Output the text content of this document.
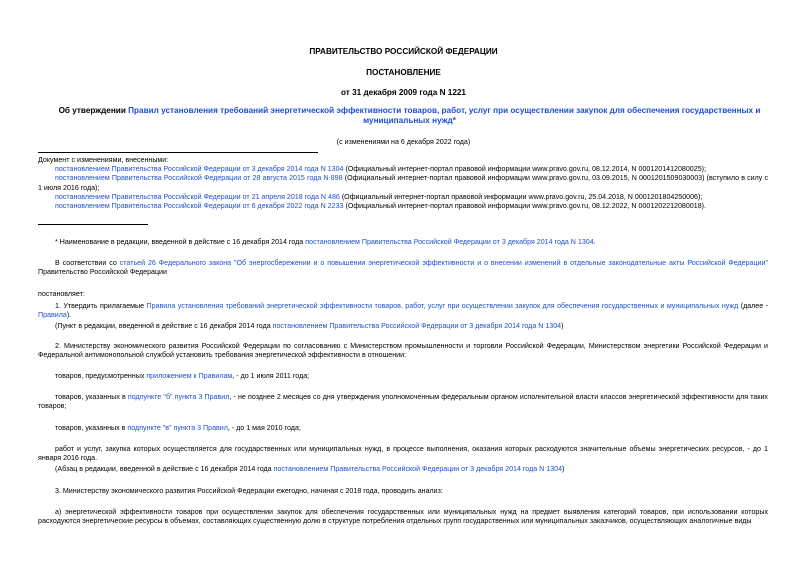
ПРАВИТЕЛЬСТВО РОССИЙСКОЙ ФЕДЕРАЦИИ
ПОСТАНОВЛЕНИЕ
от 31 декабря 2009 года N 1221
Об утверждении Правил установления требований энергетической эффективности товаров, работ, услуг при осуществлении закупок для обеспечения государственных и муниципальных нужд*
(с изменениями на 6 декабря 2022 года)
Документ с изменениями, внесенными:
постановлением Правительства Российской Федерации от 3 декабря 2014 года N 1304 (Официальный интернет-портал правовой информации www.pravo.gov.ru, 08.12.2014, N 0001201412080025);
постановлением Правительства Российской Федерации от 28 августа 2015 года N 898 (Официальный интернет-портал правовой информации www.pravo.gov.ru, 03.09.2015, N 0001201509030003) (вступило в силу с 1 июля 2016 года);
постановлением Правительства Российской Федерации от 21 апреля 2018 года N 486 (Официальный интернет-портал правовой информации www.pravo.gov.ru, 25.04.2018, N 0001201804250006);
постановлением Правительства Российской Федерации от 6 декабря 2022 года N 2233 (Официальный интернет-портал правовой информации www.pravo.gov.ru, 08.12.2022, N 0001202212080018).
* Наименование в редакции, введенной в действие с 16 декабря 2014 года постановлением Правительства Российской Федерации от 3 декабря 2014 года N 1304.
В соответствии со статьей 26 Федерального закона "Об энергосбережении и о повышении энергетической эффективности и о внесении изменений в отдельные законодательные акты Российской Федерации" Правительство Российской Федерации
постановляет:
1. Утвердить прилагаемые Правила установления требований энергетической эффективности товаров, работ, услуг при осуществлении закупок для обеспечения государственных и муниципальных нужд (далее - Правила).
(Пункт в редакции, введенной в действие с 16 декабря 2014 года постановлением Правительства Российской Федерации от 3 декабря 2014 года N 1304)
2. Министерству экономического развития Российской Федерации по согласованию с Министерством промышленности и торговли Российской Федерации, Министерством энергетики Российской Федерации и Федеральной антимонопольной службой установить требования энергетической эффективности в отношении:
товаров, предусмотренных приложением к Правилам, - до 1 июля 2011 года;
товаров, указанных в подпункте "б" пункта 3 Правил, - не позднее 2 месяцев со дня утверждения уполномоченным федеральным органом исполнительной власти классов энергетической эффективности для таких товаров;
товаров, указанных в подпункте "в" пункта 3 Правил, - до 1 мая 2010 года;
работ и услуг, закупка которых осуществляется для государственных или муниципальных нужд, в процессе выполнения, оказания которых расходуются значительные объемы энергетических ресурсов, - до 1 января 2016 года.
(Абзац в редакции, введенной в действие с 16 декабря 2014 года постановлением Правительства Российской Федерации от 3 декабря 2014 года N 1304)
3. Министерству экономического развития Российской Федерации ежегодно, начиная с 2018 года, проводить анализ:
а) энергетической эффективности товаров при осуществлении закупок для обеспечения государственных или муниципальных нужд на предмет выявления категорий товаров, при использовании которых расходуются энергетические ресурсы в объемах, составляющих существенную долю в структуре потребления отдельных групп государственных или муниципальных заказчиков, осуществляющих аналогичные виды
